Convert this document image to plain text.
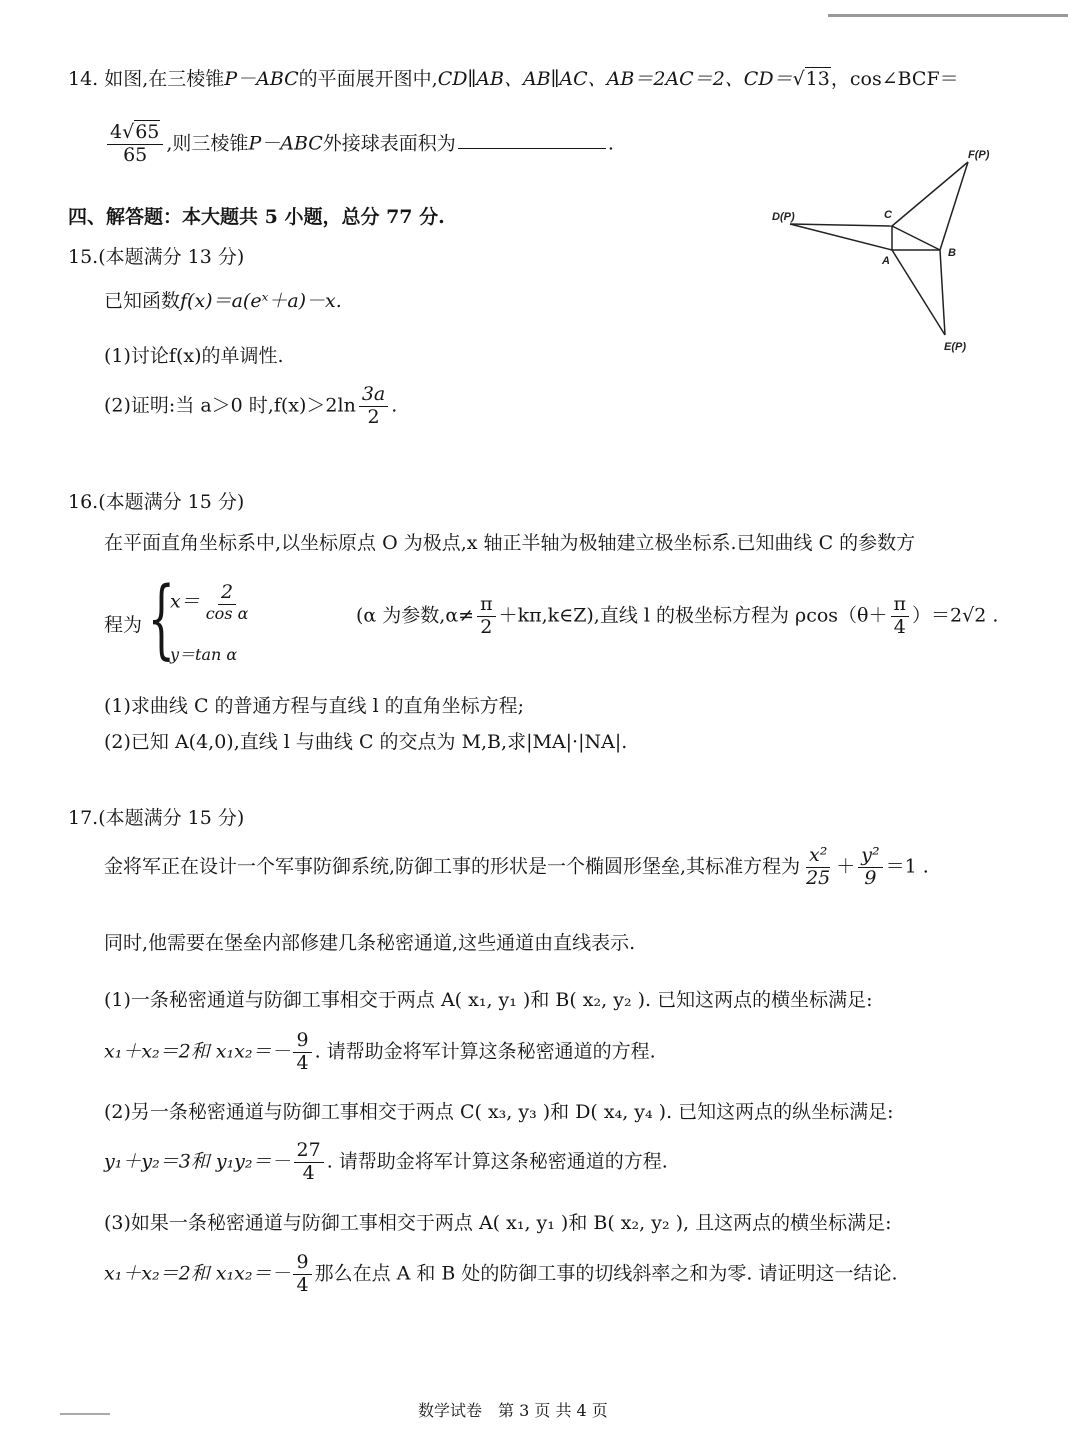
14. 如图,在三棱锥P－ABC的平面展开图中,CD∥AB、AB∥AC、AB＝2AC＝2、CD＝√13，cos∠BCF＝
$\frac{4√65}{65}$ ,则三棱锥P－ABC外接球表面积为	.
F(P)
D(P)	C
A
B
E(P)
四、解答题：本大题共 5 小题，总分 77 分.
15.(本题满分 13 分)
已知函数f(x)＝a(eˣ＋a)－x.
(1)讨论f(x)的单调性.
(2)证明:当 a＞0 时$,f(x)>2\ln \frac{3a}{2}$ .
16.(本题满分 15 分)
在平面直角坐标系中,以坐标原点 O 为极点,x 轴正半轴为极轴建立极坐标系.已知曲线 C 的参数方
程为 {
$x= \frac{2}{\text{cos α}}$
y＝tan α
(α 为参数$,\alpha\ne \frac{\pi}{2}$ ＋kπ,k∈Z),直线 l 的极坐标方程为 $\rho\cos(\theta+ \frac{\pi}{4} )=2√2$ .
(1)求曲线 C 的普通方程与直线 l 的直角坐标方程;
(2)已知 A(4,0),直线 l 与曲线 C 的交点为 M,B,求|MA|·|NA|.
17.(本题满分 15 分)
金将军正在设计一个军事防御系统,防御工事的形状是一个椭圆形堡垒,其标准方程为 $\frac{\text{x²}}{25} + \frac{\text{y²}}{9} =1$ .
同时,他需要在堡垒内部修建几条秘密通道,这些通道由直线表示.
(1)一条秘密通道与防御工事相交于两点 A( x₁, y₁ )和 B( x₂, y₂ ). 已知这两点的横坐标满足:
x₁＋x₂＝2和 $x_1x_2=- \frac{9}{4}$ . 请帮助金将军计算这条秘密通道的方程.
(2)另一条秘密通道与防御工事相交于两点 C( x₃, y₃ )和 D( x₄, y₄ ). 已知这两点的纵坐标满足:
y₁＋y₂＝3和 $y_1y_2=- \frac{27}{4}$ . 请帮助金将军计算这条秘密通道的方程.
(3)如果一条秘密通道与防御工事相交于两点 A( x₁, y₁ )和 B( x₂, y₂ ), 且这两点的横坐标满足:
x₁＋x₂＝2和 $x_1x_2=- \frac{9}{4}$ 那么在点 A 和 B 处的防御工事的切线斜率之和为零. 请证明这一结论.
数学试卷　第 3 页 共 4 页
